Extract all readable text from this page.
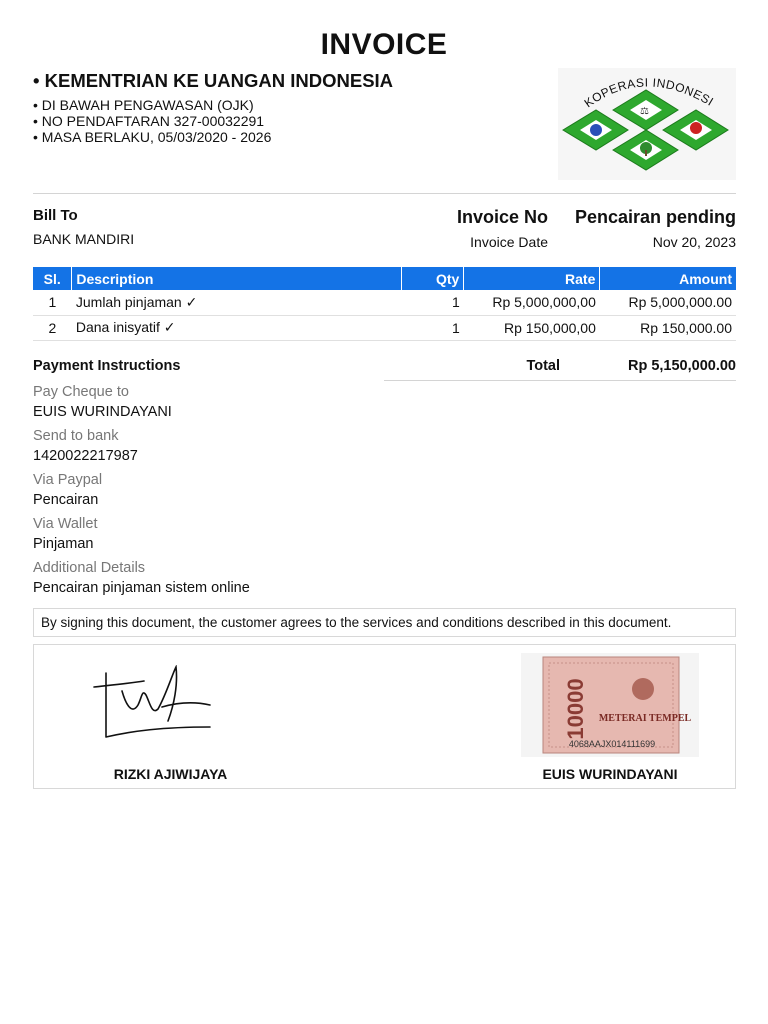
INVOICE
• KEMENTRIAN KE UANGAN INDONESIA
• DI BAWAH PENGAWASAN (OJK)
• NO PENDAFTARAN 327-00032291
• MASA BERLAKU, 05/03/2020 - 2026
KOPERASI INDONESI
⚖
Bill To
BANK MANDIRI
Invoice No	Pencairan pending
Invoice Date	Nov 20, 2023
Sl.	Description	Qty	Rate	Amount
1	Jumlah pinjaman ✓	1	Rp 5,000,000,00	Rp 5,000,000.00
2	Dana inisyatif ✓	1	Rp 150,000,00	Rp 150,000.00
Payment Instructions	Total	Rp 5,150,000.00
Pay Cheque to
EUIS WURINDAYANI
Send to bank
1420022217987
Via Paypal
Pencairan
Via Wallet
Pinjaman
Additional Details
Pencairan pinjaman sistem online
By signing this document, the customer agrees to the services and conditions described in this document.
RIZKI AJIWIJAYA
10000 METERAI TEMPEL
4068AAJX014111699
EUIS WURINDAYANI
